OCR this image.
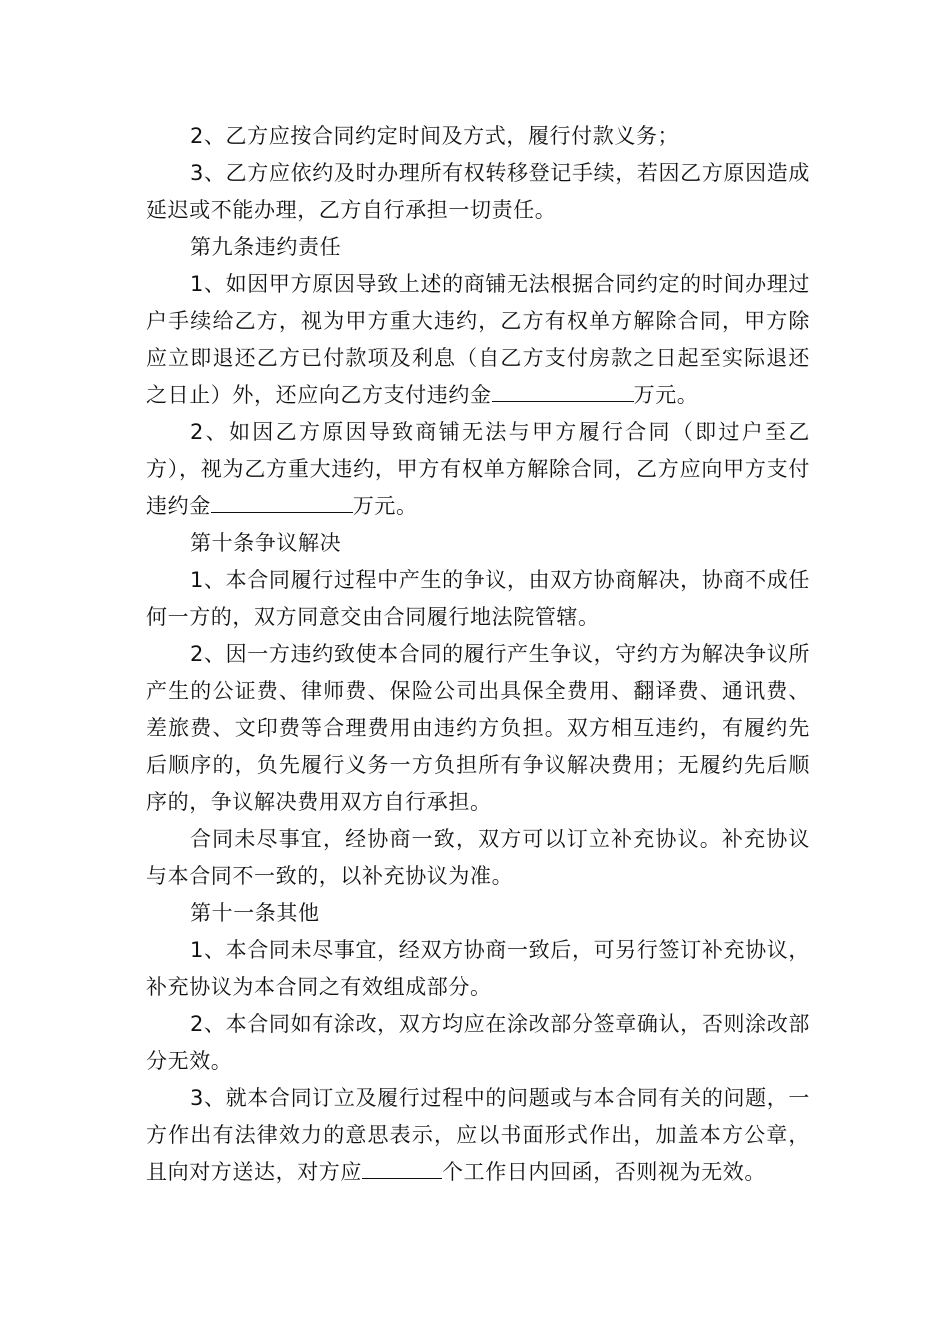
2、乙方应按合同约定时间及方式，履行付款义务；

3、乙方应依约及时办理所有权转移登记手续，若因乙方原因造成延迟或不能办理，乙方自行承担一切责任。

第九条违约责任

1、如因甲方原因导致上述的商铺无法根据合同约定的时间办理过户手续给乙方，视为甲方重大违约，乙方有权单方解除合同，甲方除应立即退还乙方已付款项及利息（自乙方支付房款之日起至实际退还之日止）外，还应向乙方支付违约金	万元。

2、如因乙方原因导致商铺无法与甲方履行合同（即过户至乙方），视为乙方重大违约，甲方有权单方解除合同，乙方应向甲方支付违约金	万元。

第十条争议解决

1、本合同履行过程中产生的争议，由双方协商解决，协商不成任何一方的，双方同意交由合同履行地法院管辖。

2、因一方违约致使本合同的履行产生争议，守约方为解决争议所产生的公证费、律师费、保险公司出具保全费用、翻译费、通讯费、差旅费、文印费等合理费用由违约方负担。双方相互违约，有履约先后顺序的，负先履行义务一方负担所有争议解决费用；无履约先后顺序的，争议解决费用双方自行承担。

合同未尽事宜，经协商一致，双方可以订立补充协议。补充协议与本合同不一致的，以补充协议为准。

第十一条其他

1、本合同未尽事宜，经双方协商一致后，可另行签订补充协议，补充协议为本合同之有效组成部分。

2、本合同如有涂改，双方均应在涂改部分签章确认，否则涂改部分无效。

3、就本合同订立及履行过程中的问题或与本合同有关的问题，一方作出有法律效力的意思表示，应以书面形式作出，加盖本方公章，且向对方送达，对方应	个工作日内回函，否则视为无效。
